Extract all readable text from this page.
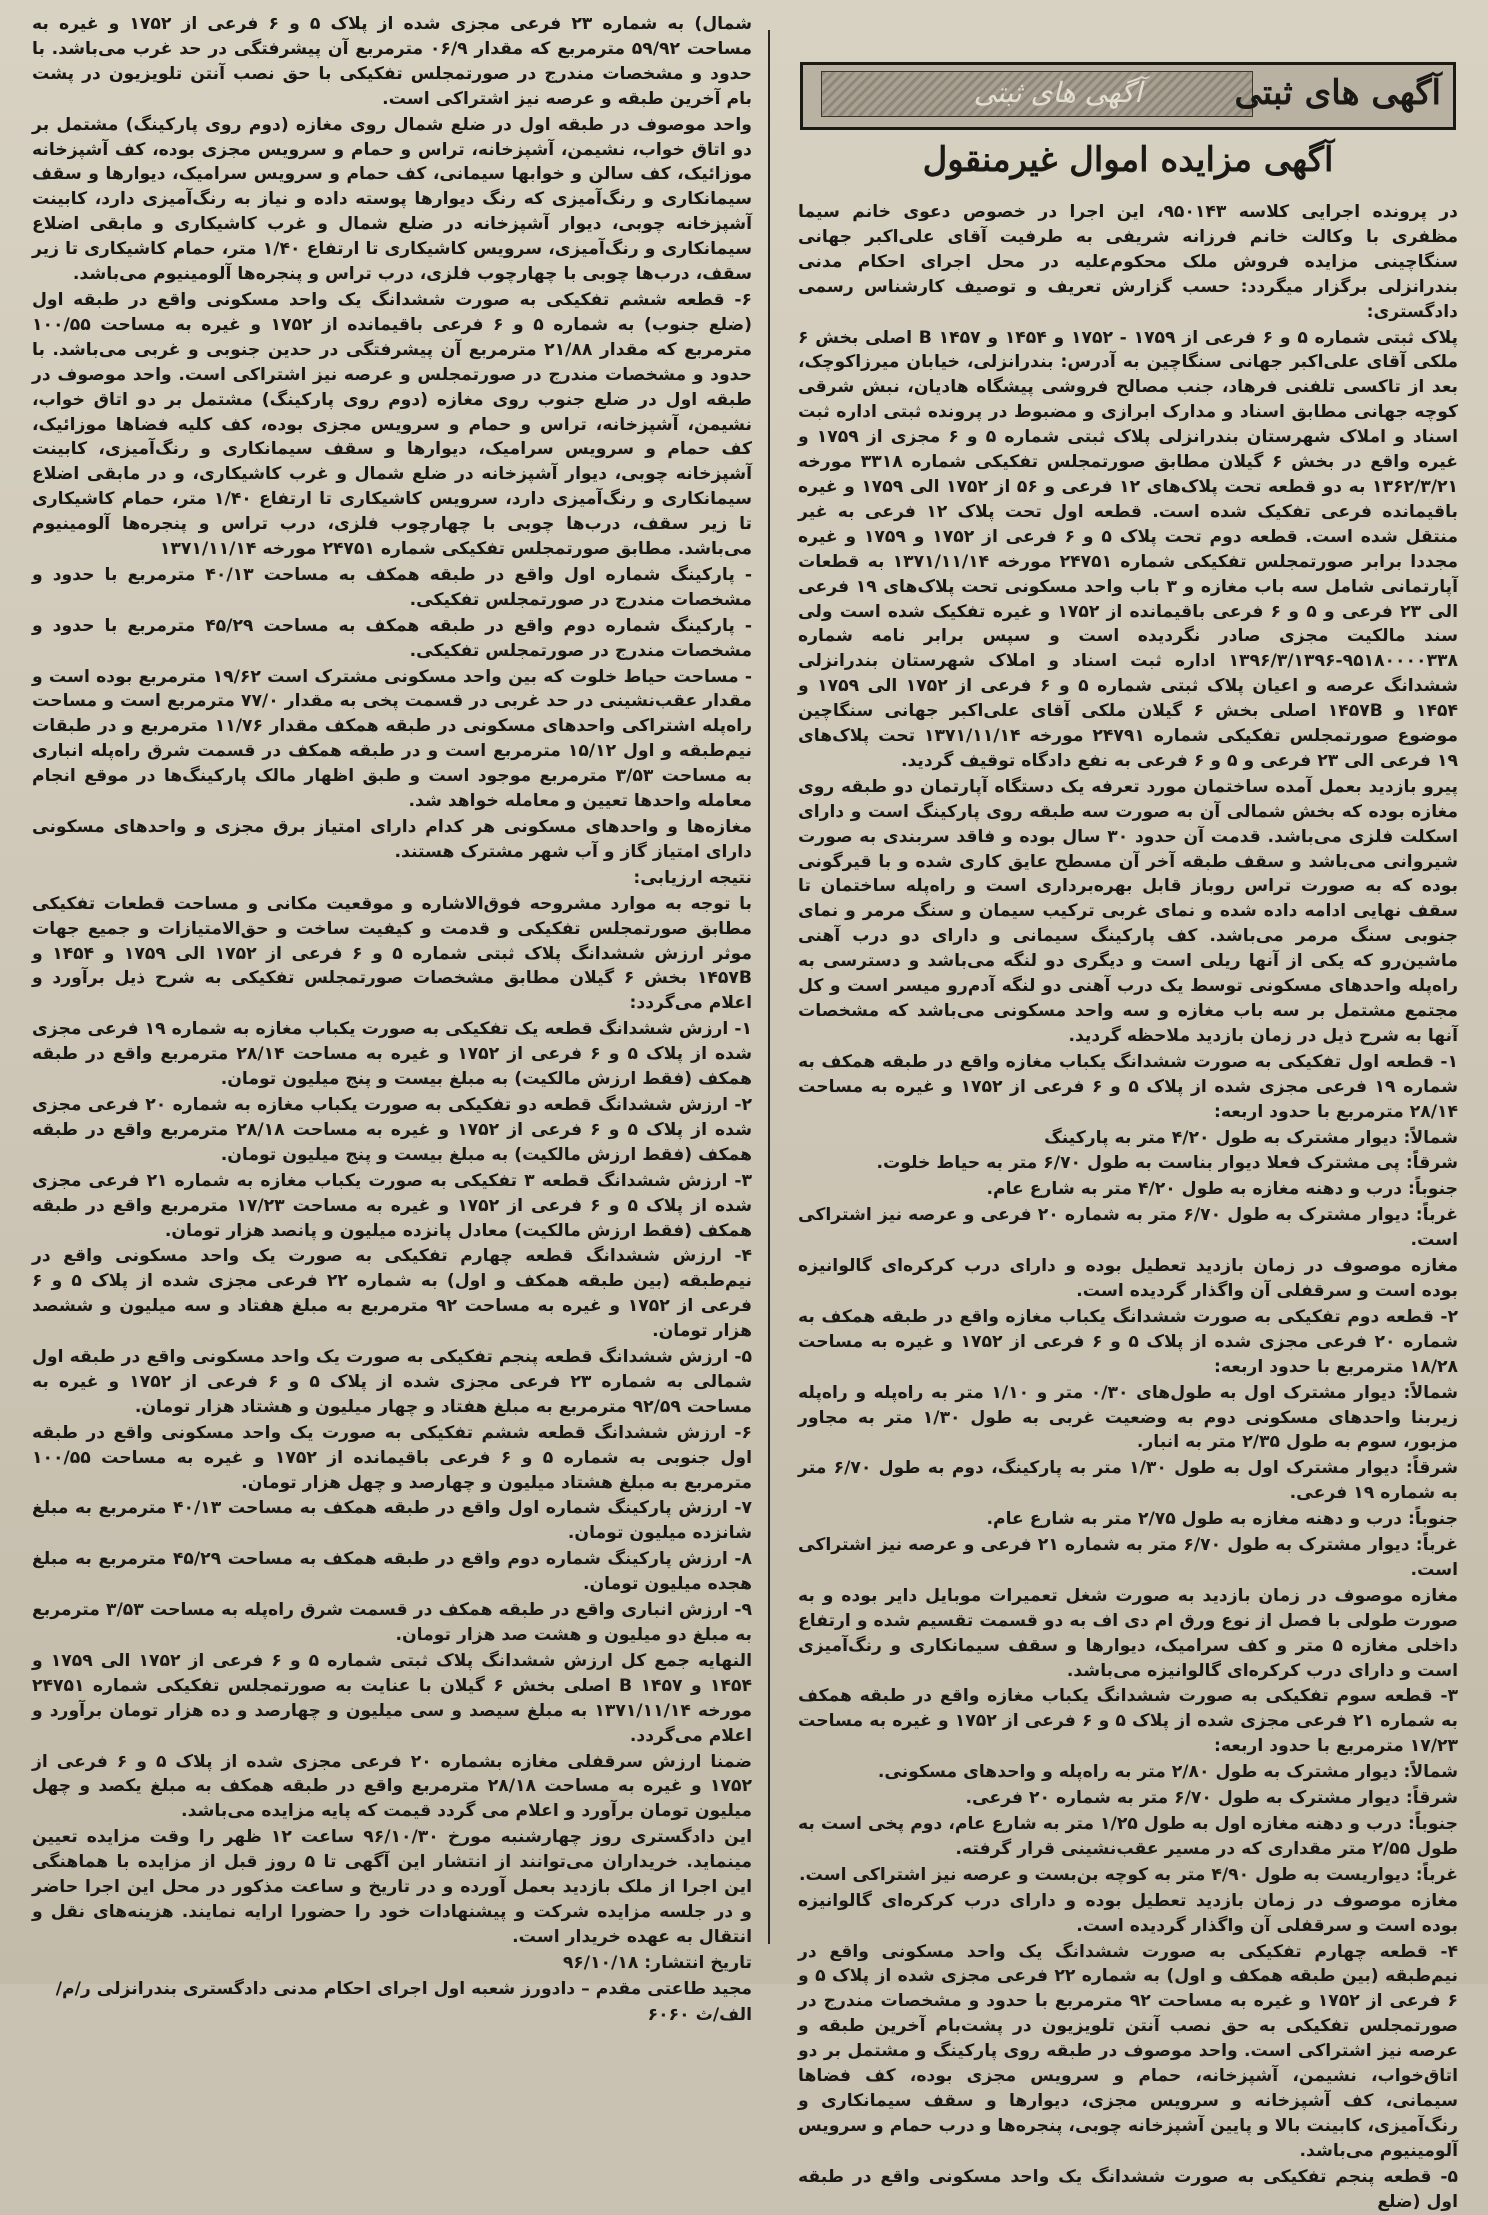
آگهی های ثبتی	آگهی های ثبتی
آگهی مزایده اموال غیرمنقول

در پرونده اجرایی کلاسه ۹۵۰۱۴۳، این اجرا در خصوص دعوی خانم سیما مظفری با وکالت خانم فرزانه شریفی به طرفیت آقای علی‌اکبر جهانی سنگاچینی مزایده فروش ملک محکوم‌علیه در محل اجرای احکام مدنی بندرانزلی برگزار میگردد: حسب گزارش تعریف و توصیف کارشناس رسمی دادگستری:

پلاک ثبتی شماره ۵ و ۶ فرعی از ۱۷۵۹ - ۱۷۵۲ و ۱۴۵۴ و ۱۴۵۷ B اصلی بخش ۶ ملکی آقای علی‌اکبر جهانی سنگاچین به آدرس: بندرانزلی، خیابان میرزاکوچک، بعد از تاکسی تلفنی فرهاد، جنب مصالح فروشی پیشگاه هادیان، نبش شرقی کوچه جهانی مطابق اسناد و مدارک ابرازی و مضبوط در پرونده ثبتی اداره ثبت اسناد و املاک شهرستان بندرانزلی پلاک ثبتی شماره ۵ و ۶ مجزی از ۱۷۵۹ و غیره واقع در بخش ۶ گیلان مطابق صورتمجلس تفکیکی شماره ۳۳۱۸ مورخه ۱۳۶۲/۳/۲۱ به دو قطعه تحت پلاک‌های ۱۲ فرعی و ۵۶ از ۱۷۵۲ الی ۱۷۵۹ و غیره باقیمانده فرعی تفکیک شده است. قطعه اول تحت پلاک ۱۲ فرعی به غیر منتقل شده است. قطعه دوم تحت پلاک ۵ و ۶ فرعی از ۱۷۵۲ و ۱۷۵۹ و غیره مجددا برابر صورتمجلس تفکیکی شماره ۲۴۷۵۱ مورخه ۱۳۷۱/۱۱/۱۴ به قطعات آپارتمانی شامل سه باب مغازه و ۳ باب واحد مسکونی تحت پلاک‌های ۱۹ فرعی الی ۲۳ فرعی و ۵ و ۶ فرعی باقیمانده از ۱۷۵۲ و غیره تفکیک شده است ولی سند مالکیت مجزی صادر نگردیده است و سپس برابر نامه شماره ۹۵۱۸۰۰۰۰۳۳۸-۱۳۹۶/۳/۱۳۹۶ اداره ثبت اسناد و املاک شهرستان بندرانزلی ششدانگ عرصه و اعیان پلاک ثبتی شماره ۵ و ۶ فرعی از ۱۷۵۲ الی ۱۷۵۹ و ۱۴۵۴ و ۱۴۵۷B اصلی بخش ۶ گیلان ملکی آقای علی‌اکبر جهانی سنگاچین موضوع صورتمجلس تفکیکی شماره ۲۴۷۹۱ مورخه ۱۳۷۱/۱۱/۱۴ تحت پلاک‌های ۱۹ فرعی الی ۲۳ فرعی و ۵ و ۶ فرعی به نفع دادگاه توقیف گردید.

پیرو بازدید بعمل آمده ساختمان مورد تعرفه یک دستگاه آپارتمان دو طبقه روی مغازه بوده که بخش شمالی آن به صورت سه طبقه روی پارکینگ است و دارای اسکلت فلزی می‌باشد. قدمت آن حدود ۳۰ سال بوده و فاقد سربندی به صورت شیروانی می‌باشد و سقف طبقه آخر آن مسطح عایق کاری شده و با قیرگونی بوده که به صورت تراس روباز قابل بهره‌برداری است و راه‌پله ساختمان تا سقف نهایی ادامه داده شده و نمای غربی ترکیب سیمان و سنگ مرمر و نمای جنوبی سنگ مرمر می‌باشد. کف پارکینگ سیمانی و دارای دو درب آهنی ماشین‌رو که یکی از آنها ریلی است و دیگری دو لنگه می‌باشد و دسترسی به راه‌پله واحدهای مسکونی توسط یک درب آهنی دو لنگه آدم‌رو میسر است و کل مجتمع مشتمل بر سه باب مغازه و سه واحد مسکونی می‌باشد که مشخصات آنها به شرح ذیل در زمان بازدید ملاحظه گردید.

۱- قطعه اول تفکیکی به صورت ششدانگ یکباب مغازه واقع در طبقه همکف به شماره ۱۹ فرعی مجزی شده از پلاک ۵ و ۶ فرعی از ۱۷۵۲ و غیره به مساحت ۲۸/۱۴ مترمربع با حدود اربعه:

شمالاً: دیوار مشترک به طول ۴/۲۰ متر به پارکینگ

شرقاً: پی مشترک فعلا دیوار بناست به طول ۶/۷۰ متر به حیاط خلوت.

جنوباً: درب و دهنه مغازه به طول ۴/۲۰ متر به شارع عام.

غرباً: دیوار مشترک به طول ۶/۷۰ متر به شماره ۲۰ فرعی و عرصه نیز اشتراکی است.

مغازه موصوف در زمان بازدید تعطیل بوده و دارای درب کرکره‌ای گالوانیزه بوده است و سرقفلی آن واگذار گردیده است.

۲- قطعه دوم تفکیکی به صورت ششدانگ یکباب مغازه واقع در طبقه همکف به شماره ۲۰ فرعی مجزی شده از پلاک ۵ و ۶ فرعی از ۱۷۵۲ و غیره به مساحت ۱۸/۲۸ مترمربع با حدود اربعه:

شمالاً: دیوار مشترک اول به طول‌های ۰/۳۰ متر و ۱/۱۰ متر به راه‌پله و راه‌پله زیربنا واحدهای مسکونی دوم به وضعیت غربی به طول ۱/۳۰ متر به مجاور مزبور، سوم به طول ۲/۳۵ متر به انبار.

شرقاً: دیوار مشترک اول به طول ۱/۳۰ متر به پارکینگ، دوم به طول ۶/۷۰ متر به شماره ۱۹ فرعی.

جنوباً: درب و دهنه مغازه به طول ۲/۷۵ متر به شارع عام.

غرباً: دیوار مشترک به طول ۶/۷۰ متر به شماره ۲۱ فرعی و عرصه نیز اشتراکی است.

مغازه موصوف در زمان بازدید به صورت شغل تعمیرات موبایل دایر بوده و به صورت طولی با فصل از نوع ورق ام دی اف به دو قسمت تقسیم شده و ارتفاع داخلی مغازه ۵ متر و کف سرامیک، دیوارها و سقف سیمانکاری و رنگ‌آمیزی است و دارای درب کرکره‌ای گالوانیزه می‌باشد.

۳- قطعه سوم تفکیکی به صورت ششدانگ یکباب مغازه واقع در طبقه همکف به شماره ۲۱ فرعی مجزی شده از پلاک ۵ و ۶ فرعی از ۱۷۵۲ و غیره به مساحت ۱۷/۲۳ مترمربع با حدود اربعه:

شمالاً: دیوار مشترک به طول ۲/۸۰ متر به راه‌پله و واحدهای مسکونی.

شرقاً: دیوار مشترک به طول ۶/۷۰ متر به شماره ۲۰ فرعی.

جنوباً: درب و دهنه مغازه اول به طول ۱/۲۵ متر به شارع عام، دوم پخی است به طول ۲/۵۵ متر مقداری که در مسیر عقب‌نشینی قرار گرفته.

غرباً: دیواریست به طول ۴/۹۰ متر به کوچه بن‌بست و عرصه نیز اشتراکی است.

مغازه موصوف در زمان بازدید تعطیل بوده و دارای درب کرکره‌ای گالوانیزه بوده است و سرقفلی آن واگذار گردیده است.

۴- قطعه چهارم تفکیکی به صورت ششدانگ یک واحد مسکونی واقع در نیم‌طبقه (بین طبقه همکف و اول) به شماره ۲۲ فرعی مجزی شده از پلاک ۵ و ۶ فرعی از ۱۷۵۲ و غیره به مساحت ۹۲ مترمربع با حدود و مشخصات مندرج در صورتمجلس تفکیکی به حق نصب آنتن تلویزیون در پشت‌بام آخرین طبقه و عرصه نیز اشتراکی است. واحد موصوف در طبقه روی پارکینگ و مشتمل بر دو اتاق‌خواب، نشیمن، آشپزخانه، حمام و سرویس مجزی بوده، کف فضاها سیمانی، کف آشپزخانه و سرویس مجزی، دیوارها و سقف سیمانکاری و رنگ‌آمیزی، کابینت بالا و پایین آشپزخانه چوبی، پنجره‌ها و درب حمام و سرویس آلومینیوم می‌باشد.

۵- قطعه پنجم تفکیکی به صورت ششدانگ یک واحد مسکونی واقع در طبقه اول (ضلع

شمال) به شماره ۲۳ فرعی مجزی شده از پلاک ۵ و ۶ فرعی از ۱۷۵۲ و غیره به مساحت ۵۹/۹۲ مترمربع که مقدار ۰۶/۹ مترمربع آن پیشرفتگی در حد غرب می‌باشد. با حدود و مشخصات مندرج در صورتمجلس تفکیکی با حق نصب آنتن تلویزیون در پشت بام آخرین طبقه و عرصه نیز اشتراکی است.

واحد موصوف در طبقه اول در ضلع شمال روی مغازه (دوم روی پارکینگ) مشتمل بر دو اتاق خواب، نشیمن، آشپزخانه، تراس و حمام و سرویس مجزی بوده، کف آشپزخانه موزائیک، کف سالن و خوابها سیمانی، کف حمام و سرویس سرامیک، دیوارها و سقف سیمانکاری و رنگ‌آمیزی که رنگ دیوارها پوسته داده و نیاز به رنگ‌آمیزی دارد، کابینت آشپزخانه چوبی، دیوار آشپزخانه در ضلع شمال و غرب کاشیکاری و مابقی اضلاع سیمانکاری و رنگ‌آمیزی، سرویس کاشیکاری تا ارتفاع ۱/۴۰ متر، حمام کاشیکاری تا زیر سقف، درب‌ها چوبی با چهارچوب فلزی، درب تراس و پنجره‌ها آلومینیوم می‌باشد.

۶- قطعه ششم تفکیکی به صورت ششدانگ یک واحد مسکونی واقع در طبقه اول (ضلع جنوب) به شماره ۵ و ۶ فرعی باقیمانده از ۱۷۵۲ و غیره به مساحت ۱۰۰/۵۵ مترمربع که مقدار ۲۱/۸۸ مترمربع آن پیشرفتگی در حدین جنوبی و غربی می‌باشد. با حدود و مشخصات مندرج در صورتمجلس و عرصه نیز اشتراکی است. واحد موصوف در طبقه اول در ضلع جنوب روی مغازه (دوم روی پارکینگ) مشتمل بر دو اتاق خواب، نشیمن، آشپزخانه، تراس و حمام و سرویس مجزی بوده، کف کلیه فضاها موزائیک، کف حمام و سرویس سرامیک، دیوارها و سقف سیمانکاری و رنگ‌آمیزی، کابینت آشپزخانه چوبی، دیوار آشپزخانه در ضلع شمال و غرب کاشیکاری، و در مابقی اضلاع سیمانکاری و رنگ‌آمیزی دارد، سرویس کاشیکاری تا ارتفاع ۱/۴۰ متر، حمام کاشیکاری تا زیر سقف، درب‌ها چوبی با چهارچوب فلزی، درب تراس و پنجره‌ها آلومینیوم می‌باشد. مطابق صورتمجلس تفکیکی شماره ۲۴۷۵۱ مورخه ۱۳۷۱/۱۱/۱۴

- پارکینگ شماره اول واقع در طبقه همکف به مساحت ۴۰/۱۳ مترمربع با حدود و مشخصات مندرج در صورتمجلس تفکیکی.

- پارکینگ شماره دوم واقع در طبقه همکف به مساحت ۴۵/۲۹ مترمربع با حدود و مشخصات مندرج در صورتمجلس تفکیکی.

- مساحت حیاط خلوت که بین واحد مسکونی مشترک است ۱۹/۶۲ مترمربع بوده است و مقدار عقب‌نشینی در حد غربی در قسمت پخی به مقدار ۷۷/۰ مترمربع است و مساحت راه‌پله اشتراکی واحدهای مسکونی در طبقه همکف مقدار ۱۱/۷۶ مترمربع و در طبقات نیم‌طبقه و اول ۱۵/۱۲ مترمربع است و در طبقه همکف در قسمت شرق راه‌پله انباری به مساحت ۳/۵۳ مترمربع موجود است و طبق اظهار مالک پارکینگ‌ها در موقع انجام معامله واحدها تعیین و معامله خواهد شد.

مغازه‌ها و واحدهای مسکونی هر کدام دارای امتیاز برق مجزی و واحدهای مسکونی دارای امتیاز گاز و آب شهر مشترک هستند.

نتیجه ارزیابی:

با توجه به موارد مشروحه فوق‌الاشاره و موقعیت مکانی و مساحت قطعات تفکیکی مطابق صورتمجلس تفکیکی و قدمت و کیفیت ساخت و حق‌الامتیازات و جمیع جهات موثر ارزش ششدانگ پلاک ثبتی شماره ۵ و ۶ فرعی از ۱۷۵۲ الی ۱۷۵۹ و ۱۴۵۴ و ۱۴۵۷B بخش ۶ گیلان مطابق مشخصات صورتمجلس تفکیکی به شرح ذیل برآورد و اعلام می‌گردد:

۱- ارزش ششدانگ قطعه یک تفکیکی به صورت یکباب مغازه به شماره ۱۹ فرعی مجزی شده از پلاک ۵ و ۶ فرعی از ۱۷۵۲ و غیره به مساحت ۲۸/۱۴ مترمربع واقع در طبقه همکف (فقط ارزش مالکیت) به مبلغ بیست و پنج میلیون تومان.

۲- ارزش ششدانگ قطعه دو تفکیکی به صورت یکباب مغازه به شماره ۲۰ فرعی مجزی شده از پلاک ۵ و ۶ فرعی از ۱۷۵۲ و غیره به مساحت ۲۸/۱۸ مترمربع واقع در طبقه همکف (فقط ارزش مالکیت) به مبلغ بیست و پنج میلیون تومان.

۳- ارزش ششدانگ قطعه ۳ تفکیکی به صورت یکباب مغازه به شماره ۲۱ فرعی مجزی شده از پلاک ۵ و ۶ فرعی از ۱۷۵۲ و غیره به مساحت ۱۷/۲۳ مترمربع واقع در طبقه همکف (فقط ارزش مالکیت) معادل پانزده میلیون و پانصد هزار تومان.

۴- ارزش ششدانگ قطعه چهارم تفکیکی به صورت یک واحد مسکونی واقع در نیم‌طبقه (بین طبقه همکف و اول) به شماره ۲۲ فرعی مجزی شده از پلاک ۵ و ۶ فرعی از ۱۷۵۲ و غیره به مساحت ۹۲ مترمربع به مبلغ هفتاد و سه میلیون و ششصد هزار تومان.

۵- ارزش ششدانگ قطعه پنجم تفکیکی به صورت یک واحد مسکونی واقع در طبقه اول شمالی به شماره ۲۳ فرعی مجزی شده از پلاک ۵ و ۶ فرعی از ۱۷۵۲ و غیره به مساحت ۹۲/۵۹ مترمربع به مبلغ هفتاد و چهار میلیون و هشتاد هزار تومان.

۶- ارزش ششدانگ قطعه ششم تفکیکی به صورت یک واحد مسکونی واقع در طبقه اول جنوبی به شماره ۵ و ۶ فرعی باقیمانده از ۱۷۵۲ و غیره به مساحت ۱۰۰/۵۵ مترمربع به مبلغ هشتاد میلیون و چهارصد و چهل هزار تومان.

۷- ارزش پارکینگ شماره اول واقع در طبقه همکف به مساحت ۴۰/۱۳ مترمربع به مبلغ شانزده میلیون تومان.

۸- ارزش پارکینگ شماره دوم واقع در طبقه همکف به مساحت ۴۵/۲۹ مترمربع به مبلغ هجده میلیون تومان.

۹- ارزش انباری واقع در طبقه همکف در قسمت شرق راه‌پله به مساحت ۳/۵۳ مترمربع به مبلغ دو میلیون و هشت صد هزار تومان.

النهایه جمع کل ارزش ششدانگ پلاک ثبتی شماره ۵ و ۶ فرعی از ۱۷۵۲ الی ۱۷۵۹ و ۱۴۵۴ و ۱۴۵۷ B اصلی بخش ۶ گیلان با عنایت به صورتمجلس تفکیکی شماره ۲۴۷۵۱ مورخه ۱۳۷۱/۱۱/۱۴ به مبلغ سیصد و سی میلیون و چهارصد و ده هزار تومان برآورد و اعلام می‌گردد.

ضمنا ارزش سرقفلی مغازه بشماره ۲۰ فرعی مجزی شده از پلاک ۵ و ۶ فرعی از ۱۷۵۲ و غیره به مساحت ۲۸/۱۸ مترمربع واقع در طبقه همکف به مبلغ یکصد و چهل میلیون تومان برآورد و اعلام می گردد قیمت که پایه مزایده می‌باشد.

این دادگستری روز چهارشنبه مورخ ۹۶/۱۰/۳۰ ساعت ۱۲ ظهر را وقت مزایده تعیین مینماید. خریداران می‌توانند از انتشار این آگهی تا ۵ روز قبل از مزایده با هماهنگی این اجرا از ملک بازدید بعمل آورده و در تاریخ و ساعت مذکور در محل این اجرا حاضر و در جلسه مزایده شرکت و پیشنهادات خود را حضورا ارایه نمایند. هزینه‌های نقل و انتقال به عهده خریدار است.

تاریخ انتشار: ۹۶/۱۰/۱۸

مجید طاعتی مقدم – دادورز شعبه اول اجرای احکام مدنی دادگستری بندرانزلی ر/م/

الف/ث ۶۰۶۰
